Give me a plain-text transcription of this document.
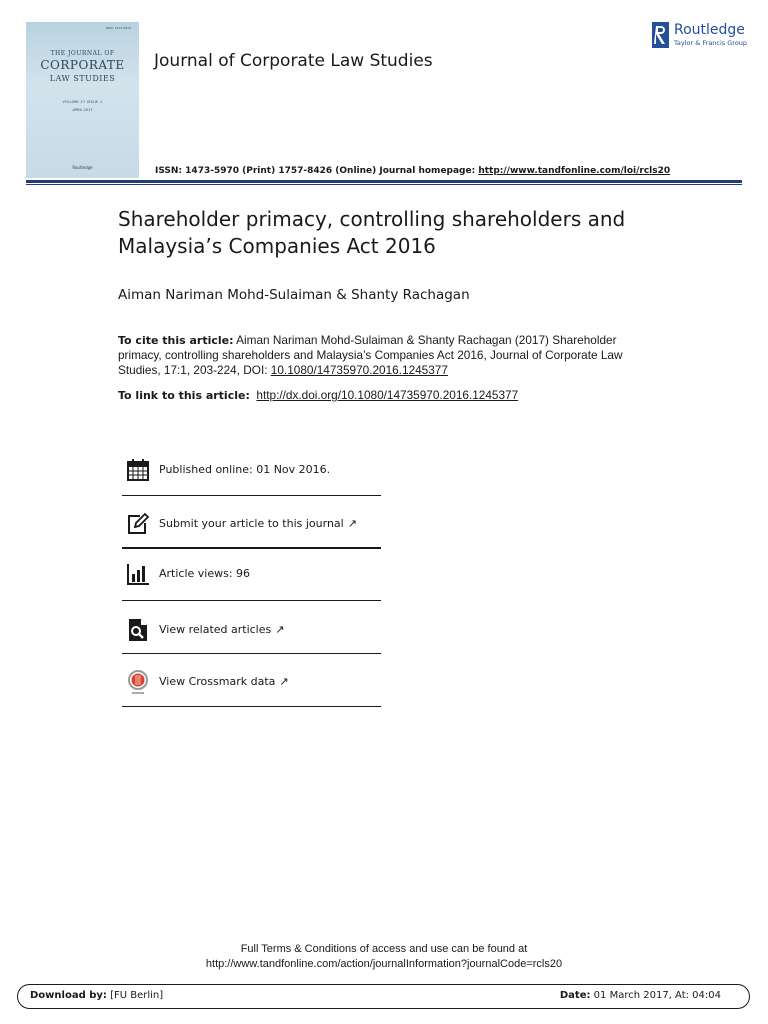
ISSN: 1473-5970
THE JOURNAL OF
CORPORATE
LAW STUDIES
VOLUME 17 ISSUE 1
APRIL 2017
Routledge
Journal of Corporate Law Studies
Routledge
Taylor & Francis Group
ISSN: 1473-5970 (Print) 1757-8426 (Online) Journal homepage: http://www.tandfonline.com/loi/rcls20
Shareholder primacy, controlling shareholders and Malaysia’s Companies Act 2016
Aiman Nariman Mohd-Sulaiman & Shanty Rachagan
To cite this article: Aiman Nariman Mohd-Sulaiman & Shanty Rachagan (2017) Shareholder primacy, controlling shareholders and Malaysia’s Companies Act 2016, Journal of Corporate Law Studies, 17:1, 203-224, DOI: 10.1080/14735970.2016.1245377
To link to this article: http://dx.doi.org/10.1080/14735970.2016.1245377
Published online: 01 Nov 2016.
Submit your article to this journal ↗
Article views: 96
View related articles ↗
View Crossmark data ↗
Full Terms & Conditions of access and use can be found at
http://www.tandfonline.com/action/journalInformation?journalCode=rcls20
Download by: [FU Berlin]	Date: 01 March 2017, At: 04:04
